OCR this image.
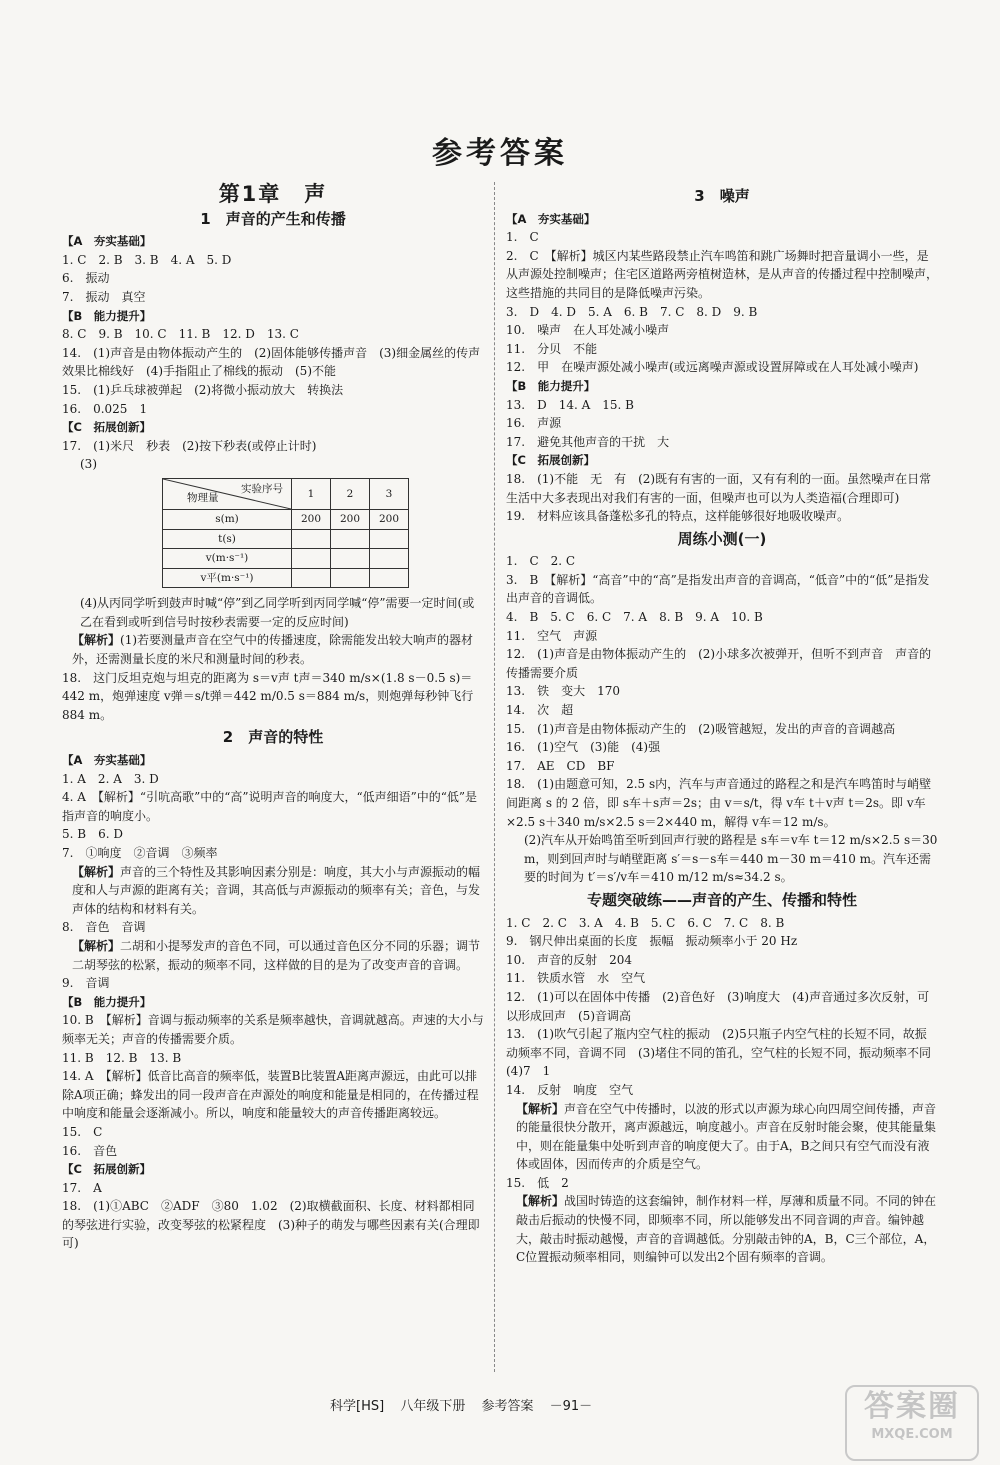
参考答案
第1章　声
1　声音的产生和传播
【A　夯实基础】
1. C　2. B　3. B　4. A　5. D
6.　振动
7.　振动　真空
【B　能力提升】
8. C　9. B　10. C　11. B　12. D　13. C
14.　(1)声音是由物体振动产生的　(2)固体能够传播声音　(3)细金属丝的传声效果比棉线好　(4)手指阻止了棉线的振动　(5)不能
15.　(1)乒乓球被弹起　(2)将微小振动放大　转换法
16.　0.025　1
【C　拓展创新】
17.　(1)米尺　秒表　(2)按下秒表(或停止计时)
(3)
实验序号
物理量	1	2	3
s(m)	200	200	200
t(s)			
v(m·s⁻¹)			
v平(m·s⁻¹)			
(4)从丙同学听到鼓声时喊“停”到乙同学听到丙同学喊“停”需要一定时间(或乙在看到或听到信号时按秒表需要一定的反应时间)
【解析】(1)若要测量声音在空气中的传播速度，除需能发出较大响声的器材外，还需测量长度的米尺和测量时间的秒表。
18.　这门反坦克炮与坦克的距离为 s＝v声 t声＝340 m/s×(1.8 s－0.5 s)＝442 m，炮弹速度 v弹＝s/t弹＝442 m/0.5 s＝884 m/s，则炮弹每秒钟飞行 884 m。
2　声音的特性
【A　夯实基础】
1. A　2. A　3. D
4. A　【解析】“引吭高歌”中的“高”说明声音的响度大，“低声细语”中的“低”是指声音的响度小。
5. B　6. D
7.　①响度　②音调　③频率
【解析】声音的三个特性及其影响因素分别是：响度，其大小与声源振动的幅度和人与声源的距离有关；音调，其高低与声源振动的频率有关；音色，与发声体的结构和材料有关。
8.　音色　音调
【解析】二胡和小提琴发声的音色不同，可以通过音色区分不同的乐器；调节二胡琴弦的松紧，振动的频率不同，这样做的目的是为了改变声音的音调。
9.　音调
【B　能力提升】
10. B　【解析】音调与振动频率的关系是频率越快，音调就越高。声速的大小与频率无关；声音的传播需要介质。
11. B　12. B　13. B
14. A　【解析】低音比高音的频率低，装置B比装置A距离声源远，由此可以排除A项正确；蜂发出的同一段声音在声源处的响度和能量是相同的，在传播过程中响度和能量会逐渐减小。所以，响度和能量较大的声音传播距离较远。
15.　C
16.　音色
【C　拓展创新】
17.　A
18.　(1)①ABC　②ADF　③80　1.02　(2)取横截面积、长度、材料都相同的琴弦进行实验，改变琴弦的松紧程度　(3)种子的萌发与哪些因素有关(合理即可)
3　噪声
【A　夯实基础】
1.　C
2.　C　【解析】城区内某些路段禁止汽车鸣笛和跳广场舞时把音量调小一些，是从声源处控制噪声；住宅区道路两旁植树造林，是从声音的传播过程中控制噪声，这些措施的共同目的是降低噪声污染。
3.　D　4. D　5. A　6. B　7. C　8. D　9. B
10.　噪声　在人耳处减小噪声
11.　分贝　不能
12.　甲　在噪声源处减小噪声(或远离噪声源或设置屏障或在人耳处减小噪声)
【B　能力提升】
13.　D　14. A　15. B
16.　声源
17.　避免其他声音的干扰　大
【C　拓展创新】
18.　(1)不能　无　有　(2)既有有害的一面，又有有利的一面。虽然噪声在日常生活中大多表现出对我们有害的一面，但噪声也可以为人类造福(合理即可)
19.　材料应该具备蓬松多孔的特点，这样能够很好地吸收噪声。
周练小测(一)
1.　C　2. C
3.　B　【解析】“高音”中的“高”是指发出声音的音调高，“低音”中的“低”是指发出声音的音调低。
4.　B　5. C　6. C　7. A　8. B　9. A　10. B
11.　空气　声源
12.　(1)声音是由物体振动产生的　(2)小球多次被弹开，但听不到声音　声音的传播需要介质
13.　铁　变大　170
14.　次　超
15.　(1)声音是由物体振动产生的　(2)吸管越短，发出的声音的音调越高
16.　(1)空气　(3)能　(4)强
17.　AE　CD　BF
18.　(1)由题意可知，2.5 s内，汽车与声音通过的路程之和是汽车鸣笛时与峭壁间距离 s 的 2 倍，即 s车＋s声＝2s；由 v＝s/t，得 v车 t＋v声 t＝2s。即 v车×2.5 s＋340 m/s×2.5 s＝2×440 m，解得 v车＝12 m/s。
(2)汽车从开始鸣笛至听到回声行驶的路程是 s车＝v车 t＝12 m/s×2.5 s＝30 m，则到回声时与峭壁距离 s′＝s－s车＝440 m－30 m＝410 m。汽车还需要的时间为 t′＝s′/v车＝410 m/12 m/s≈34.2 s。
专题突破练——声音的产生、传播和特性
1. C　2. C　3. A　4. B　5. C　6. C　7. C　8. B
9.　钢尺伸出桌面的长度　振幅　振动频率小于 20 Hz
10.　声音的反射　204
11.　铁质水管　水　空气
12.　(1)可以在固体中传播　(2)音色好　(3)响度大　(4)声音通过多次反射，可以形成回声　(5)音调高
13.　(1)吹气引起了瓶内空气柱的振动　(2)5只瓶子内空气柱的长短不同，故振动频率不同，音调不同　(3)堵住不同的笛孔，空气柱的长短不同，振动频率不同　(4)7　1
14.　反射　响度　空气
【解析】声音在空气中传播时，以波的形式以声源为球心向四周空间传播，声音的能量很快分散开，离声源越远，响度越小。声音在反射时能会聚，使其能量集中，则在能量集中处听到声音的响度便大了。由于A，B之间只有空气而没有液体或固体，因而传声的介质是空气。
15.　低　2
【解析】战国时铸造的这套编钟，制作材料一样，厚薄和质量不同。不同的钟在敲击后振动的快慢不同，即频率不同，所以能够发出不同音调的声音。编钟越大，敲击时振动越慢，声音的音调越低。分别敲击钟的A，B，C三个部位，A，C位置振动频率相同，则编钟可以发出2个固有频率的音调。
科学[HS] 八年级下册 参考答案 －91－	答案圈
MXQE.COM
